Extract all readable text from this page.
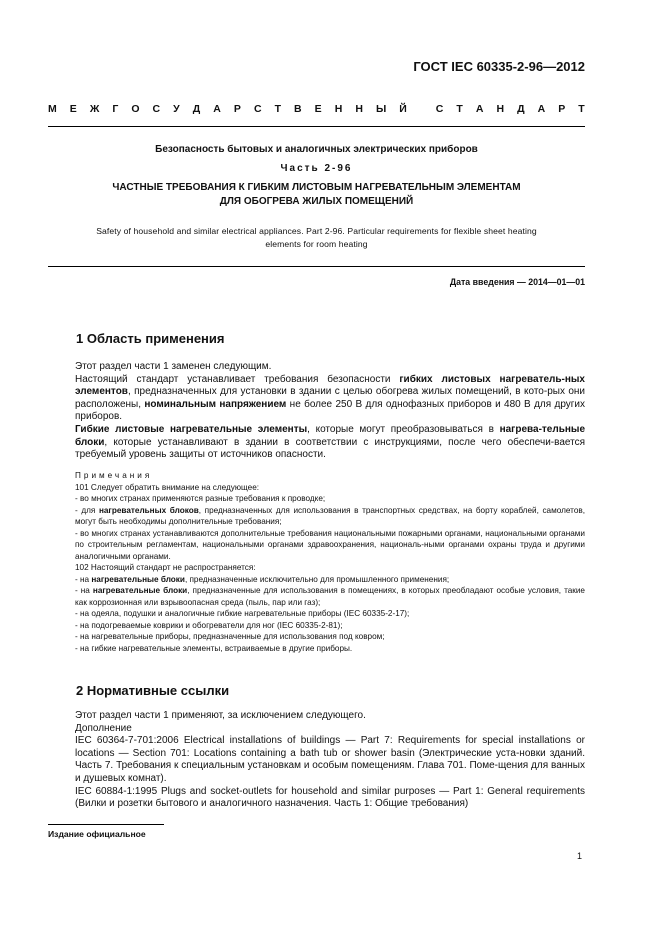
ГОСТ IEC 60335-2-96—2012
М Е Ж Г О С У Д А Р С Т В Е Н Н Ы Й
	С Т А Н Д А Р Т
Безопасность бытовых и аналогичных электрических приборов
Часть 2-96
ЧАСТНЫЕ ТРЕБОВАНИЯ К ГИБКИМ ЛИСТОВЫМ НАГРЕВАТЕЛЬНЫМ ЭЛЕМЕНТАМ
ДЛЯ ОБОГРЕВА ЖИЛЫХ ПОМЕЩЕНИЙ
Safety of household and similar electrical appliances. Part 2-96. Particular requirements for flexible sheet heating
elements for room heating
Дата введения — 2014—01—01
1 Область применения

Этот раздел части 1 заменен следующим.

Настоящий стандарт устанавливает требования безопасности гибких листовых нагреватель-ных элементов, предназначенных для установки в здании с целью обогрева жилых помещений, в кото-рых они расположены, номинальным напряжением не более 250 В для однофазных приборов и 480 В для других приборов.

Гибкие листовые нагревательные элементы, которые могут преобразовываться в нагрева-тельные блоки, которые устанавливают в здании в соответствии с инструкциями, после чего обеспечи-вается требуемый уровень защиты от источников опасности.

Примечания
101 Следует обратить внимание на следующее:
- во многих странах применяются разные требования к проводке;
- для нагревательных блоков, предназначенных для использования в транспортных средствах, на борту кораблей, самолетов, могут быть необходимы дополнительные требования;
- во многих странах устанавливаются дополнительные требования национальными пожарными органами, национальными органами по строительным регламентам, национальными органами здравоохранения, националь-ными органами охраны труда и другими аналогичными органами.
102 Настоящий стандарт не распространяется:
- на нагревательные блоки, предназначенные исключительно для промышленного применения;
- на нагревательные блоки, предназначенные для использования в помещениях, в которых преобладают особые условия, такие как коррозионная или взрывоопасная среда (пыль, пар или газ);
- на одеяла, подушки и аналогичные гибкие нагревательные приборы (IEC 60335-2-17);
- на подогреваемые коврики и обогреватели для ног (IEC 60335-2-81);
- на нагревательные приборы, предназначенные для использования под ковром;
- на гибкие нагревательные элементы, встраиваемые в другие приборы.
2 Нормативные ссылки

Этот раздел части 1 применяют, за исключением следующего.

Дополнение

IEC 60364-7-701:2006 Electrical installations of buildings — Part 7: Requirements for special installations or locations — Section 701: Locations containing a bath tub or shower basin (Электрические уста-новки зданий. Часть 7. Требования к специальным установкам и особым помещениям. Глава 701. Поме-щения для ванных и душевых комнат).

IEC 60884-1:1995 Plugs and socket-outlets for household and similar purposes — Part 1: General requirements (Вилки и розетки бытового и аналогичного назначения. Часть 1: Общие требования)

Издание официальное
1
